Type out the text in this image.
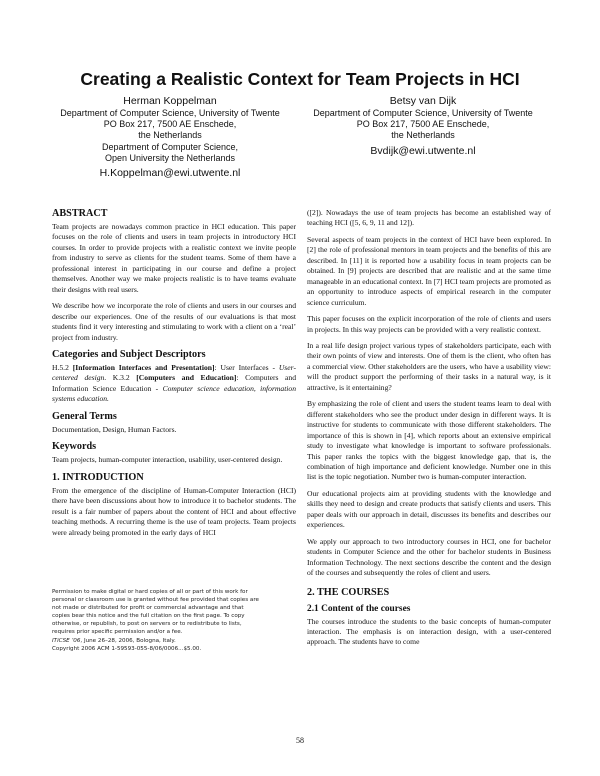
Creating a Realistic Context for Team Projects in HCI
Herman Koppelman
Department of Computer Science, University of Twente
PO Box 217, 7500 AE Enschede,
the Netherlands
Department of Computer Science,
Open University the Netherlands
H.Koppelman@ewi.utwente.nl
Betsy van Dijk
Department of Computer Science, University of Twente
PO Box 217, 7500 AE Enschede,
the Netherlands
Bvdijk@ewi.utwente.nl
ABSTRACT

Team projects are nowadays common practice in HCI education. This paper focuses on the role of clients and users in team projects in introductory HCI courses. In order to provide projects with a realistic context we invite people from industry to serve as clients for the student teams. Some of them have a professional interest in participating in our course and define a project themselves. Another way we make projects realistic is to have teams evaluate their designs with real users.

We describe how we incorporate the role of clients and users in our courses and describe our experiences. One of the results of our evaluations is that most students find it very interesting and stimulating to work with a client on a ‘real’ project from industry.

Categories and Subject Descriptors

H.5.2 [Information Interfaces and Presentation]: User Interfaces - User-centered design. K.3.2 [Computers and Education]: Computers and Information Science Education - Computer science education, information systems education.

General Terms

Documentation, Design, Human Factors.

Keywords

Team projects, human-computer interaction, usability, user-centered design.

1. INTRODUCTION

From the emergence of the discipline of Human-Computer Interaction (HCI) there have been discussions about how to introduce it to bachelor students. The result is a fair number of papers about the content of HCI and about effective teaching methods. A recurring theme is the use of team projects. Team projects were already being promoted in the early days of HCI

Permission to make digital or hard copies of all or part of this work for
personal or classroom use is granted without fee provided that copies are
not made or distributed for profit or commercial advantage and that
copies bear this notice and the full citation on the first page. To copy
otherwise, or republish, to post on servers or to redistribute to lists,
requires prior specific permission and/or a fee.
ITiCSE ’06, June 26–28, 2006, Bologna, Italy.
Copyright 2006 ACM 1-59593-055-8/06/0006...$5.00.

([2]). Nowadays the use of team projects has become an established way of teaching HCI ([5, 6, 9, 11 and 12]).

Several aspects of team projects in the context of HCI have been explored. In [2] the role of professional mentors in team projects and the benefits of this are described. In [11] it is reported how a usability focus in team projects can be obtained. In [9] projects are described that are realistic and at the same time manageable in an educational context. In [7] HCI team projects are promoted as an opportunity to introduce aspects of empirical research in the computer science curriculum.

This paper focuses on the explicit incorporation of the role of clients and users in projects. In this way projects can be provided with a very realistic context.

In a real life design project various types of stakeholders participate, each with their own points of view and interests. One of them is the client, who often has a commercial view. Other stakeholders are the users, who have a usability view: will the product support the performing of their tasks in a natural way, is it attractive, is it entertaining?

By emphasizing the role of client and users the student teams learn to deal with different stakeholders who see the product under design in different ways. It is instructive for students to communicate with those different stakeholders. The importance of this is shown in [4], which reports about an extensive empirical study to investigate what knowledge is important to software professionals. This paper ranks the topics with the biggest knowledge gap, that is, the combination of high importance and deficient knowledge. Number one in this list is the topic negotiation. Number two is human-computer interaction.

Our educational projects aim at providing students with the knowledge and skills they need to design and create products that satisfy clients and users. This paper deals with our approach in detail, discusses its benefits and describes our experiences.

We apply our approach to two introductory courses in HCI, one for bachelor students in Computer Science and the other for bachelor students in Business Information Technology. The next sections describe the content and the design of the courses and subsequently the roles of client and users.

2. THE COURSES
2.1 Content of the courses

The courses introduce the students to the basic concepts of human-computer interaction. The emphasis is on interaction design, with a user-centered approach. The students have to come

58
